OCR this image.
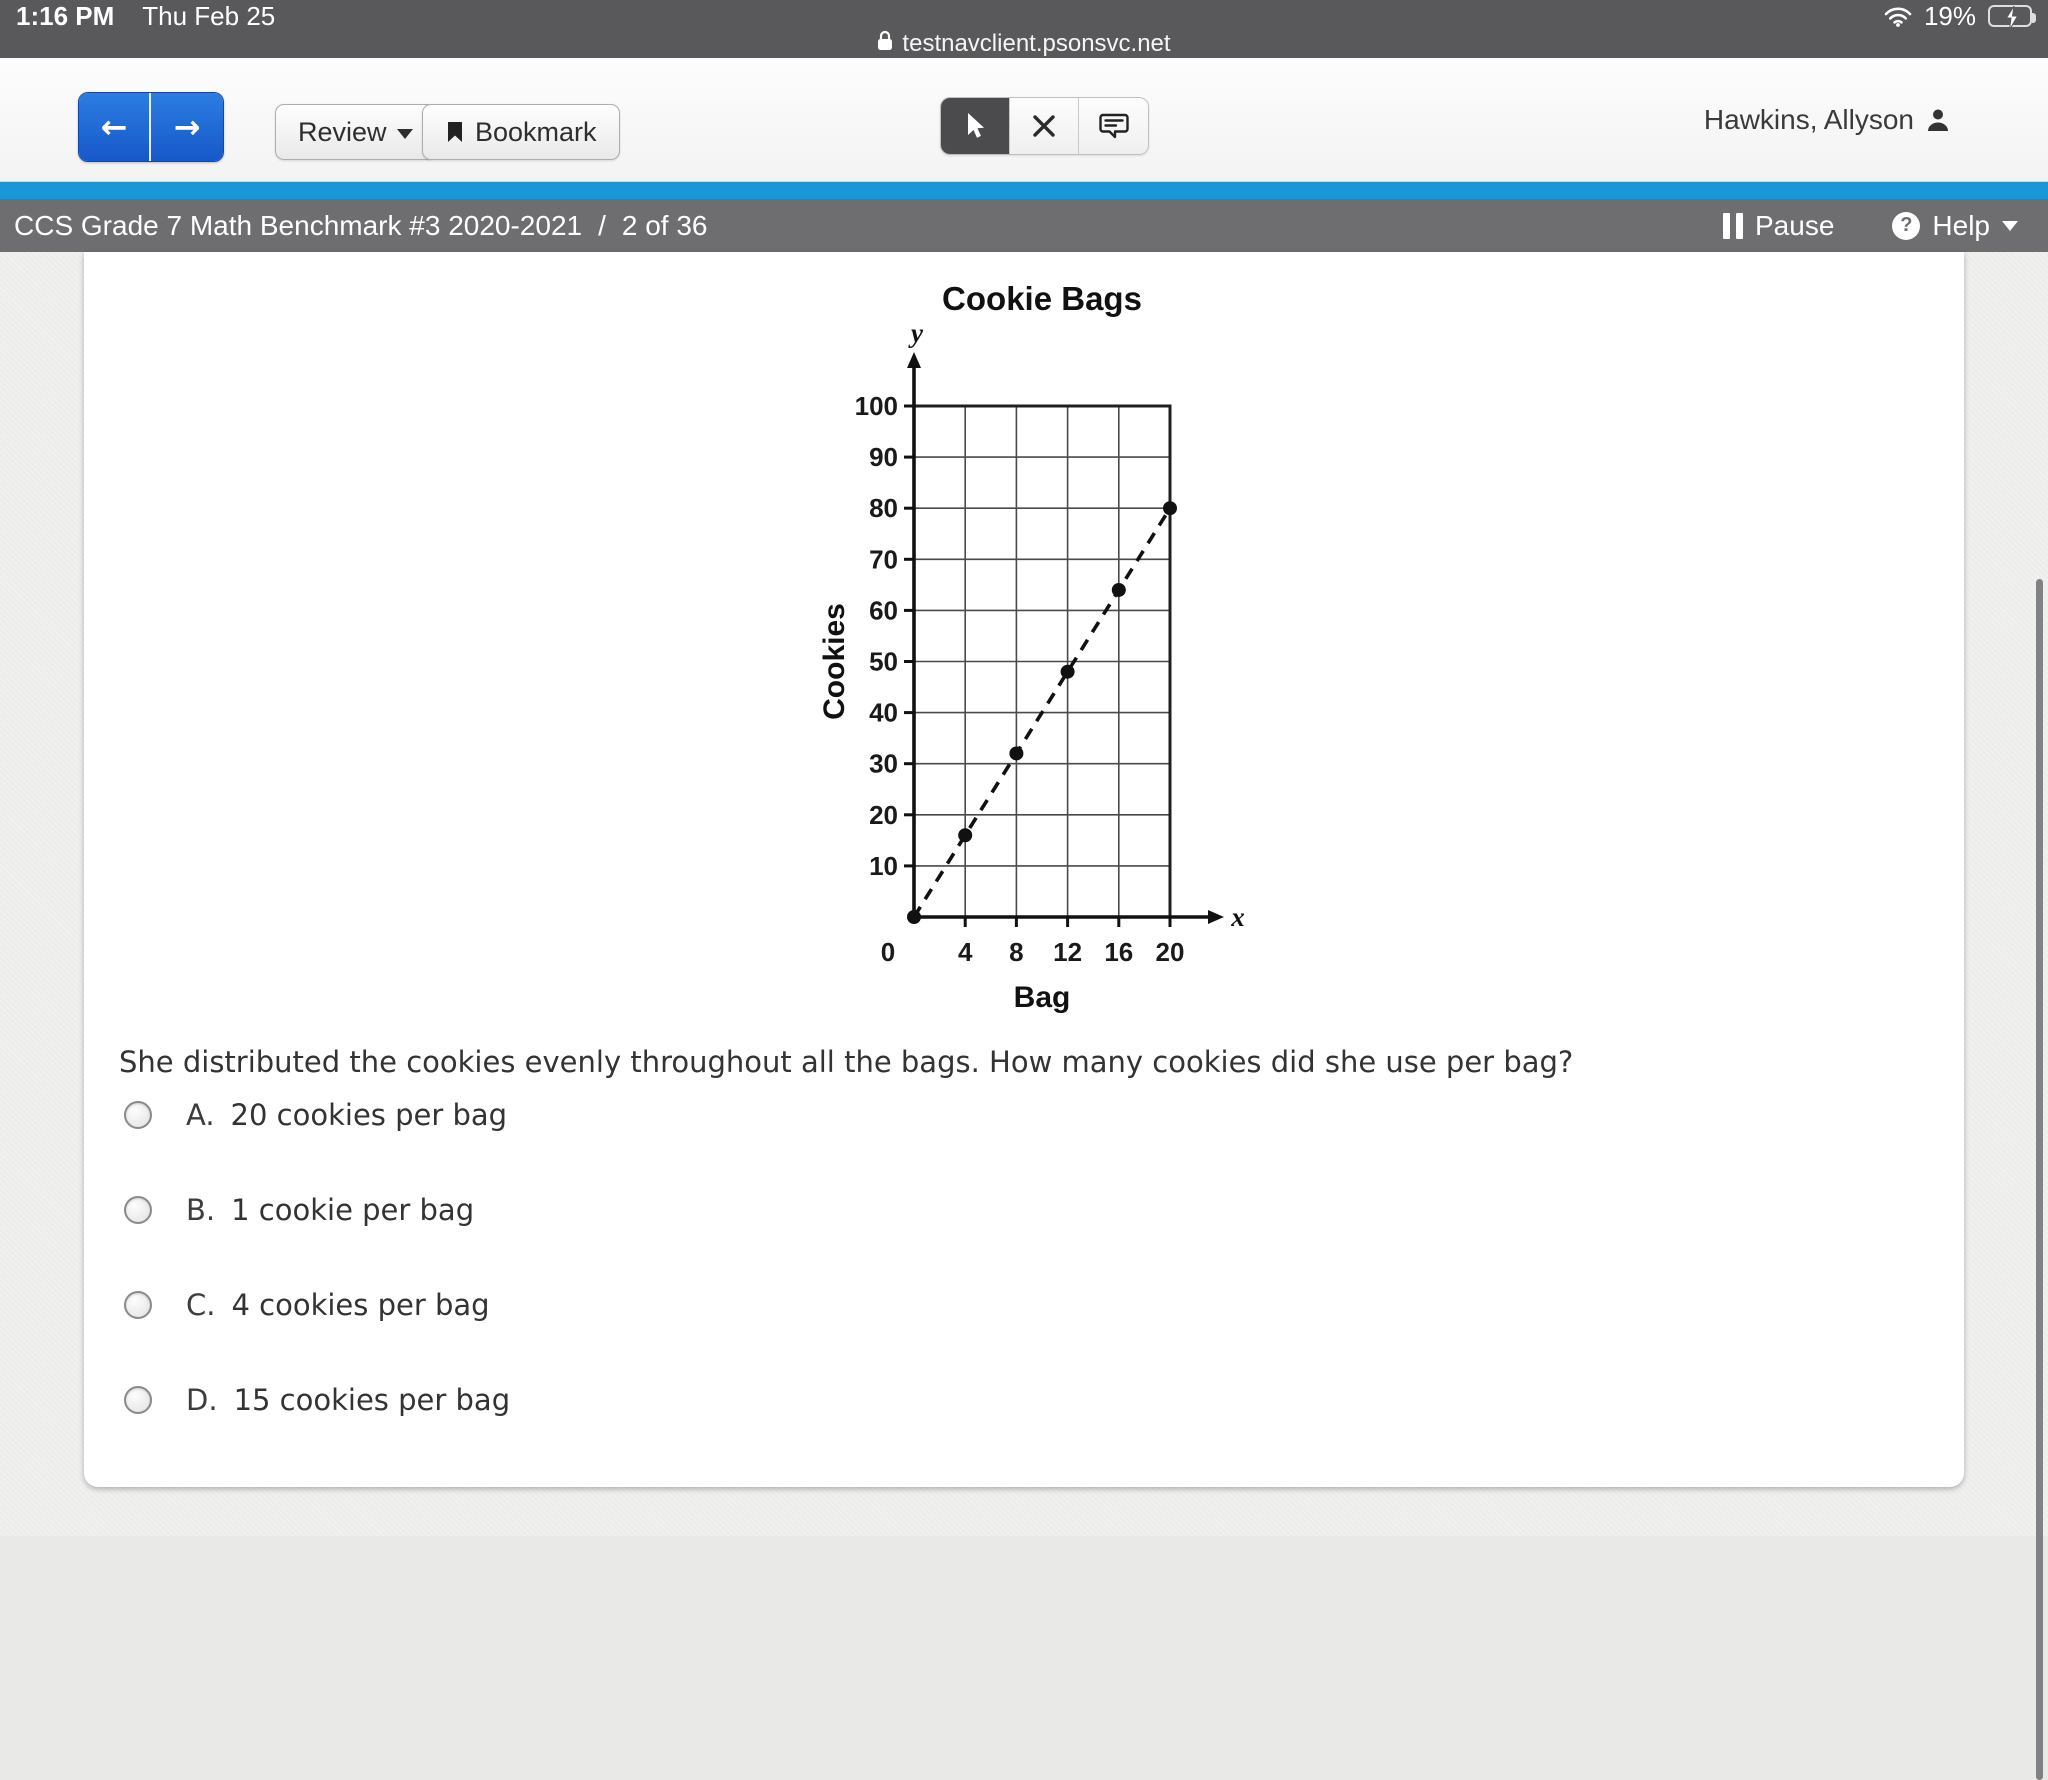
1:16 PM Thu Feb 25	19%
testnavclient.psonsvc.net
←	→	Review	Bookmark	Hawkins, Allyson
CCS Grade 7 Math Benchmark #3 2020-2021 / 2 of 36	Pause	? Help
Cookie Bags
y
x
10
20
30
40
50
60
70
80
90
100
4 8 12 16 20
0
Cookies
Bag

She distributed the cookies evenly throughout all the bags. How many cookies did she use per bag?

A. 20 cookies per bag
B. 1 cookie per bag
C. 4 cookies per bag
D. 15 cookies per bag
